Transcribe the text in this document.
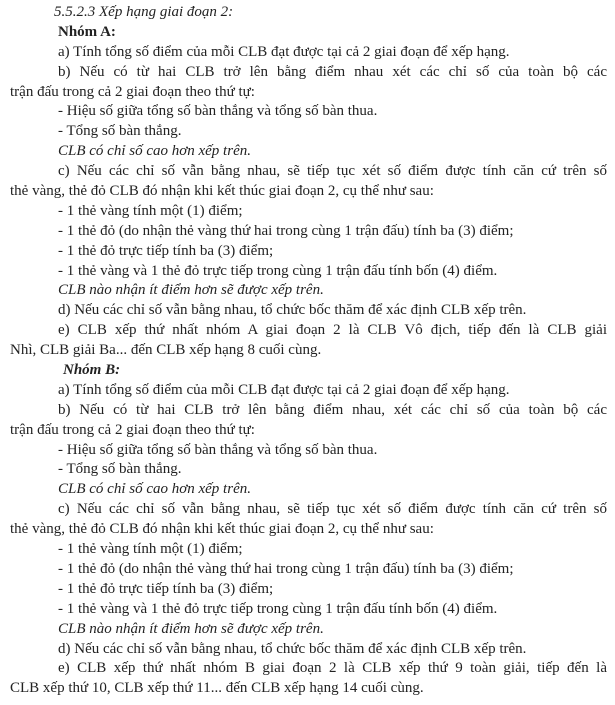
5.5.2.3 Xếp hạng giai đoạn 2:
Nhóm A:
a) Tính tổng số điểm của mỗi CLB đạt được tại cả 2 giai đoạn để xếp hạng.
b) Nếu có từ hai CLB trở lên bằng điểm nhau xét các chỉ số của toàn bộ các
trận đấu trong cả 2 giai đoạn theo thứ tự:
- Hiệu số giữa tổng số bàn thắng và tổng số bàn thua.
- Tổng số bàn thắng.
CLB có chỉ số cao hơn xếp trên.
c) Nếu các chỉ số vẫn bằng nhau, sẽ tiếp tục xét số điểm được tính căn cứ trên số
thẻ vàng, thẻ đỏ CLB đó nhận khi kết thúc giai đoạn 2, cụ thể như sau:
- 1 thẻ vàng tính một (1) điểm;
- 1 thẻ đỏ (do nhận thẻ vàng thứ hai trong cùng 1 trận đấu) tính ba (3) điểm;
- 1 thẻ đỏ trực tiếp tính ba (3) điểm;
- 1 thẻ vàng và 1 thẻ đỏ trực tiếp trong cùng 1 trận đấu tính bốn (4) điểm.
CLB nào nhận ít điểm hơn sẽ được xếp trên.
d) Nếu các chỉ số vẫn bằng nhau, tổ chức bốc thăm để xác định CLB xếp trên.
e) CLB xếp thứ nhất nhóm A giai đoạn 2 là CLB Vô địch, tiếp đến là CLB giải
Nhì, CLB giải Ba... đến CLB xếp hạng 8 cuối cùng.
Nhóm B:
a) Tính tổng số điểm của mỗi CLB đạt được tại cả 2 giai đoạn để xếp hạng.
b) Nếu có từ hai CLB trở lên bằng điểm nhau, xét các chỉ số của toàn bộ các
trận đấu trong cả 2 giai đoạn theo thứ tự:
- Hiệu số giữa tổng số bàn thắng và tổng số bàn thua.
- Tổng số bàn thắng.
CLB có chỉ số cao hơn xếp trên.
c) Nếu các chỉ số vẫn bằng nhau, sẽ tiếp tục xét số điểm được tính căn cứ trên số
thẻ vàng, thẻ đỏ CLB đó nhận khi kết thúc giai đoạn 2, cụ thể như sau:
- 1 thẻ vàng tính một (1) điểm;
- 1 thẻ đỏ (do nhận thẻ vàng thứ hai trong cùng 1 trận đấu) tính ba (3) điểm;
- 1 thẻ đỏ trực tiếp tính ba (3) điểm;
- 1 thẻ vàng và 1 thẻ đỏ trực tiếp trong cùng 1 trận đấu tính bốn (4) điểm.
CLB nào nhận ít điểm hơn sẽ được xếp trên.
d) Nếu các chỉ số vẫn bằng nhau, tổ chức bốc thăm để xác định CLB xếp trên.
e) CLB xếp thứ nhất nhóm B giai đoạn 2 là CLB xếp thứ 9 toàn giải, tiếp đến là
CLB xếp thứ 10, CLB xếp thứ 11... đến CLB xếp hạng 14 cuối cùng.
